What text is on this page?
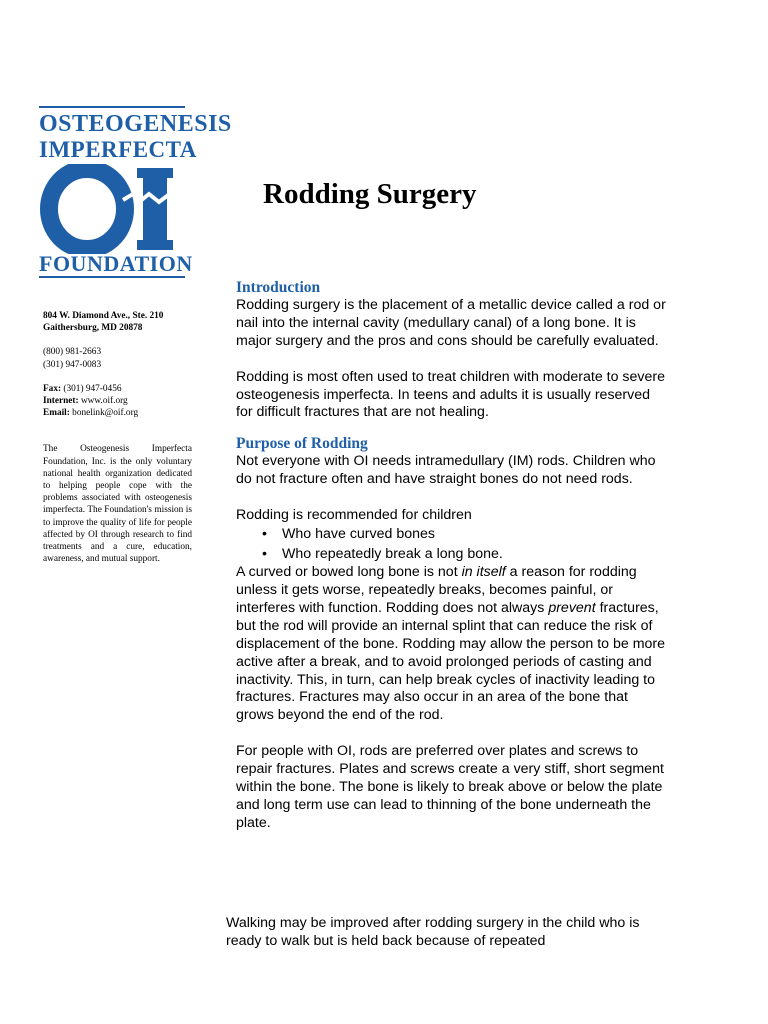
OSTEOGENESIS
IMPERFECTA
FOUNDATION

804 W. Diamond Ave., Ste. 210

Gaithersburg, MD 20878

(800) 981-2663

(301) 947-0083

Fax: (301) 947-0456

Internet: www.oif.org

Email: bonelink@oif.org

The Osteogenesis Imperfecta Foundation, Inc. is the only voluntary national health organization dedicated to helping people cope with the problems associated with osteogenesis imperfecta. The Foundation's mission is to improve the quality of life for people affected by OI through research to find treatments and a cure, education, awareness, and mutual support.

Rodding Surgery
Introduction

Rodding surgery is the placement of a metallic device called a rod or nail into the internal cavity (medullary canal) of a long bone. It is major surgery and the pros and cons should be carefully evaluated.

Rodding is most often used to treat children with moderate to severe osteogenesis imperfecta. In teens and adults it is usually reserved for difficult fractures that are not healing.

Purpose of Rodding

Not everyone with OI needs intramedullary (IM) rods. Children who do not fracture often and have straight bones do not need rods.

Rodding is recommended for children

• Who have curved bones
• Who repeatedly break a long bone.

A curved or bowed long bone is not in itself a reason for rodding unless it gets worse, repeatedly breaks, becomes painful, or interferes with function. Rodding does not always prevent fractures, but the rod will provide an internal splint that can reduce the risk of displacement of the bone. Rodding may allow the person to be more active after a break, and to avoid prolonged periods of casting and inactivity. This, in turn, can help break cycles of inactivity leading to fractures. Fractures may also occur in an area of the bone that grows beyond the end of the rod.

For people with OI, rods are preferred over plates and screws to repair fractures. Plates and screws create a very stiff, short segment within the bone. The bone is likely to break above or below the plate and long term use can lead to thinning of the bone underneath the plate.

Walking may be improved after rodding surgery in the child who is ready to walk but is held back because of repeated
